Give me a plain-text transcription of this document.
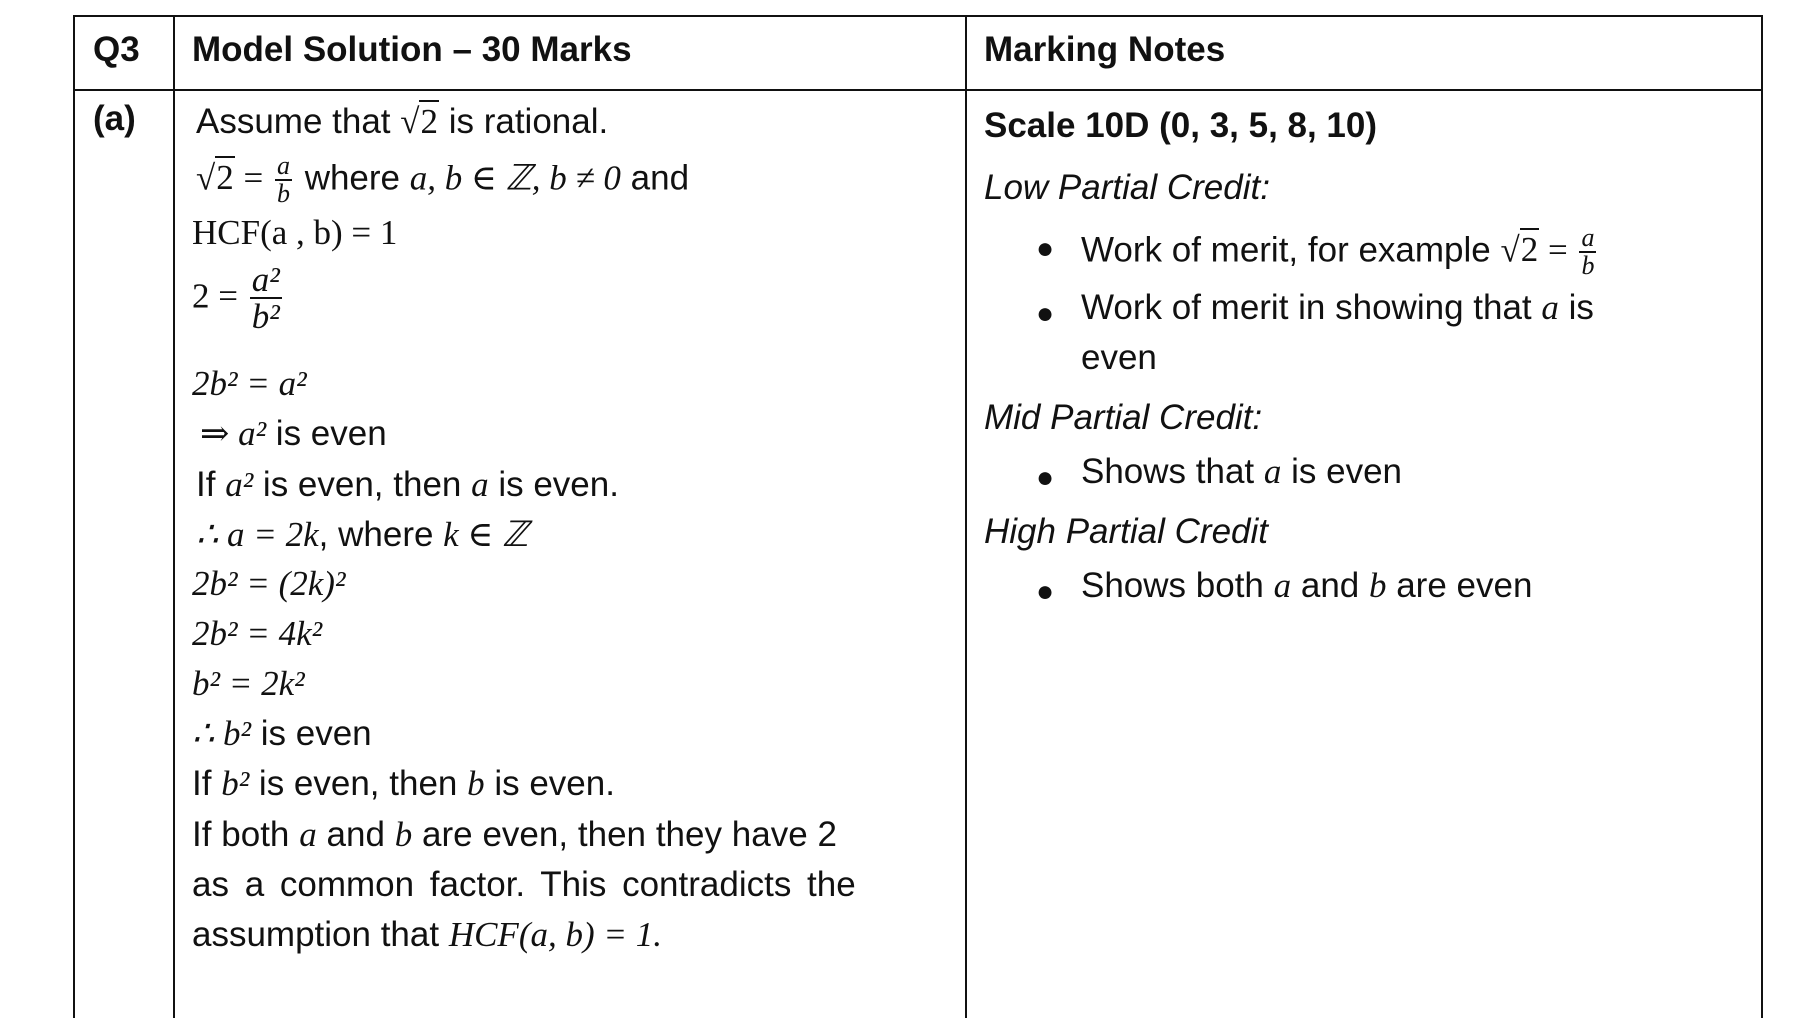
Q3 Model Solution – 30 Marks	Marking Notes
(a) Assume that √2 is rational.
$√2 = \frac{a}{b}$ where a, b ∈ ℤ, b ≠ 0 and
HCF(a , b) = 1
$2 = \frac{\text{a²}}{\text{b²}}$
2b² = a²
⇒ a² is even
If a² is even, then a is even.
∴ a = 2k, where k ∈ ℤ
2b² = (2k)²
2b² = 4k²
b² = 2k²
∴ b² is even
If b² is even, then b is even.
If both a and b are even, then they have 2
as a common factor. This contradicts the
assumption that HCF(a, b) = 1.
Scale 10D (0, 3, 5, 8, 10)
Low Partial Credit:
● Work of merit, for example $√2 = \frac{a}{b}$
● Work of merit in showing that a is
even
Mid Partial Credit:
● Shows that a is even
High Partial Credit
● Shows both a and b are even
